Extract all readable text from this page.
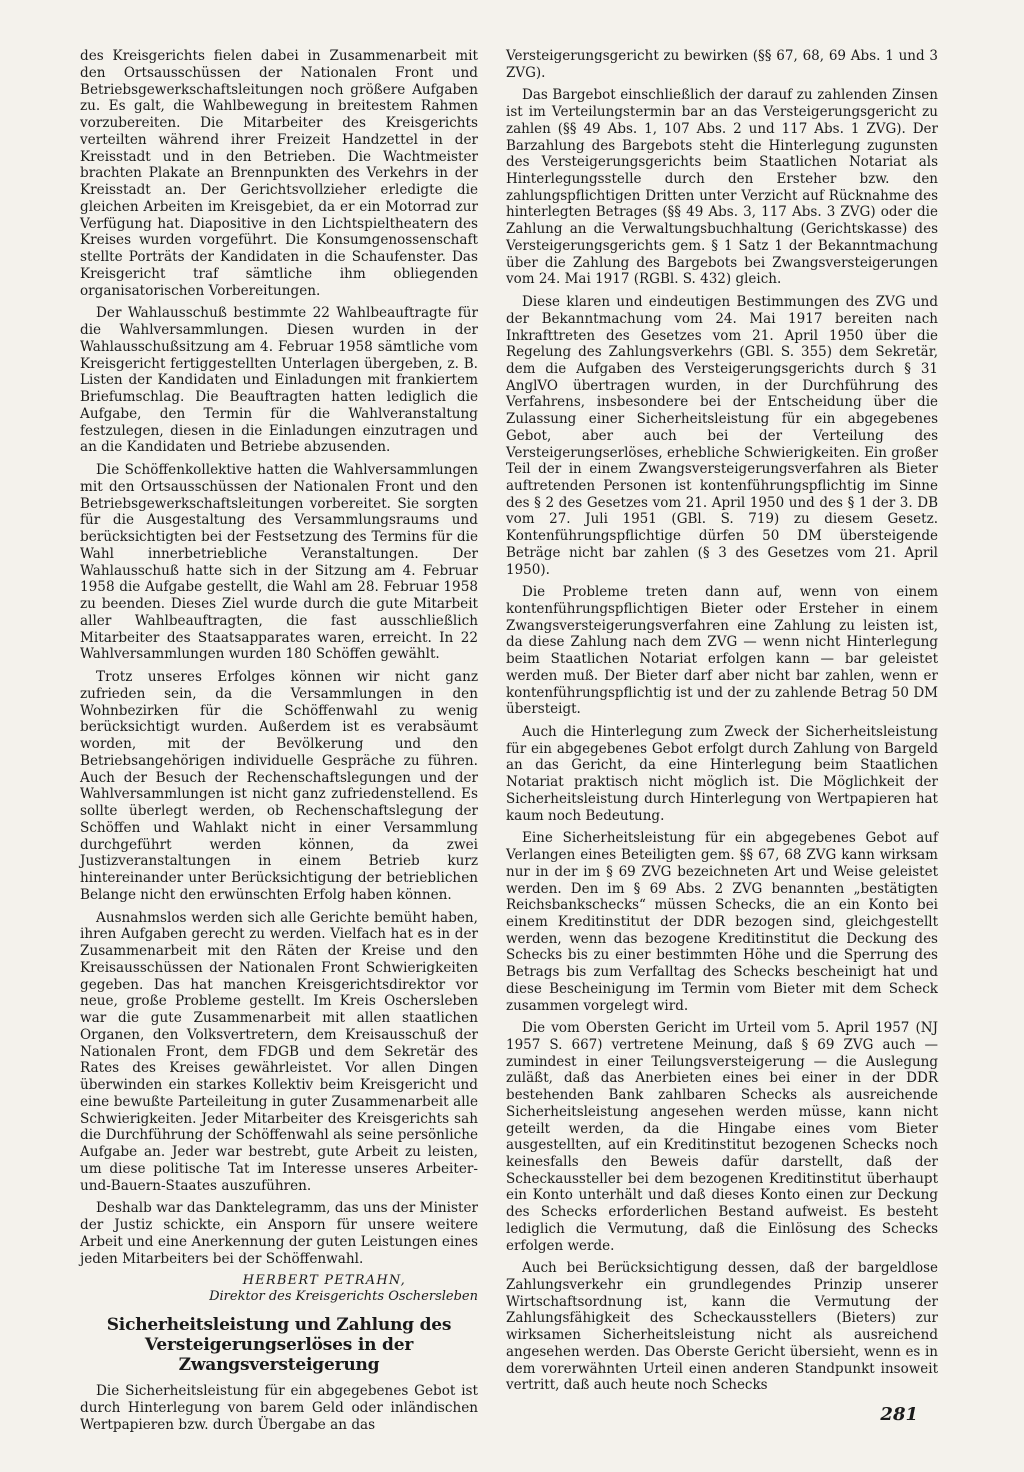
des Kreisgerichts fielen dabei in Zusammenarbeit mit den Ortsausschüssen der Nationalen Front und Betriebsgewerkschaftsleitungen noch größere Aufgaben zu. Es galt, die Wahlbewegung in breitestem Rahmen vorzubereiten. Die Mitarbeiter des Kreisgerichts verteilten während ihrer Freizeit Handzettel in der Kreisstadt und in den Betrieben. Die Wachtmeister brachten Plakate an Brennpunkten des Verkehrs in der Kreisstadt an. Der Gerichtsvollzieher erledigte die gleichen Arbeiten im Kreisgebiet, da er ein Motorrad zur Verfügung hat. Diapositive in den Lichtspieltheatern des Kreises wurden vorgeführt. Die Konsumgenossenschaft stellte Porträts der Kandidaten in die Schaufenster. Das Kreisgericht traf sämtliche ihm obliegenden organisatorischen Vorbereitungen.

Der Wahlausschuß bestimmte 22 Wahlbeauftragte für die Wahlversammlungen. Diesen wurden in der Wahlausschußsitzung am 4. Februar 1958 sämtliche vom Kreisgericht fertiggestellten Unterlagen übergeben, z. B. Listen der Kandidaten und Einladungen mit frankiertem Briefumschlag. Die Beauftragten hatten lediglich die Aufgabe, den Termin für die Wahlveranstaltung festzulegen, diesen in die Einladungen einzutragen und an die Kandidaten und Betriebe abzusenden.

Die Schöffenkollektive hatten die Wahlversammlungen mit den Ortsausschüssen der Nationalen Front und den Betriebsgewerkschaftsleitungen vorbereitet. Sie sorgten für die Ausgestaltung des Versammlungsraums und berücksichtigten bei der Festsetzung des Termins für die Wahl innerbetriebliche Veranstaltungen. Der Wahlausschuß hatte sich in der Sitzung am 4. Februar 1958 die Aufgabe gestellt, die Wahl am 28. Februar 1958 zu beenden. Dieses Ziel wurde durch die gute Mitarbeit aller Wahlbeauftragten, die fast ausschließlich Mitarbeiter des Staatsapparates waren, erreicht. In 22 Wahlversammlungen wurden 180 Schöffen gewählt.

Trotz unseres Erfolges können wir nicht ganz zufrieden sein, da die Versammlungen in den Wohnbezirken für die Schöffenwahl zu wenig berücksichtigt wurden. Außerdem ist es verabsäumt worden, mit der Bevölkerung und den Betriebsangehörigen individuelle Gespräche zu führen. Auch der Besuch der Rechenschaftslegungen und der Wahlversammlungen ist nicht ganz zufriedenstellend. Es sollte überlegt werden, ob Rechenschaftslegung der Schöffen und Wahlakt nicht in einer Versammlung durchgeführt werden können, da zwei Justizveranstaltungen in einem Betrieb kurz hintereinander unter Berücksichtigung der betrieblichen Belange nicht den erwünschten Erfolg haben können.

Ausnahmslos werden sich alle Gerichte bemüht haben, ihren Aufgaben gerecht zu werden. Vielfach hat es in der Zusammenarbeit mit den Räten der Kreise und den Kreisausschüssen der Nationalen Front Schwierigkeiten gegeben. Das hat manchen Kreisgerichtsdirektor vor neue, große Probleme gestellt. Im Kreis Oschersleben war die gute Zusammenarbeit mit allen staatlichen Organen, den Volksvertretern, dem Kreisausschuß der Nationalen Front, dem FDGB und dem Sekretär des Rates des Kreises gewährleistet. Vor allen Dingen überwinden ein starkes Kollektiv beim Kreisgericht und eine bewußte Parteileitung in guter Zusammenarbeit alle Schwierigkeiten. Jeder Mitarbeiter des Kreisgerichts sah die Durchführung der Schöffenwahl als seine persönliche Aufgabe an. Jeder war bestrebt, gute Arbeit zu leisten, um diese politische Tat im Interesse unseres Arbeiter-und-Bauern-Staates auszuführen.

Deshalb war das Danktelegramm, das uns der Minister der Justiz schickte, ein Ansporn für unsere weitere Arbeit und eine Anerkennung der guten Leistungen eines jeden Mitarbeiters bei der Schöffenwahl.

HERBERT PETRAHN,

Direktor des Kreisgerichts Oschersleben

Sicherheitsleistung und Zahlung des Versteigerungserlöses in der Zwangsversteigerung

Die Sicherheitsleistung für ein abgegebenes Gebot ist durch Hinterlegung von barem Geld oder inländischen Wertpapieren bzw. durch Übergabe an das

Versteigerungsgericht zu bewirken (§§ 67, 68, 69 Abs. 1 und 3 ZVG).

Das Bargebot einschließlich der darauf zu zahlenden Zinsen ist im Verteilungstermin bar an das Versteigerungsgericht zu zahlen (§§ 49 Abs. 1, 107 Abs. 2 und 117 Abs. 1 ZVG). Der Barzahlung des Bargebots steht die Hinterlegung zugunsten des Versteigerungsgerichts beim Staatlichen Notariat als Hinterlegungsstelle durch den Ersteher bzw. den zahlungspflichtigen Dritten unter Verzicht auf Rücknahme des hinterlegten Betrages (§§ 49 Abs. 3, 117 Abs. 3 ZVG) oder die Zahlung an die Verwaltungsbuchhaltung (Gerichtskasse) des Versteigerungsgerichts gem. § 1 Satz 1 der Bekanntmachung über die Zahlung des Bargebots bei Zwangsversteigerungen vom 24. Mai 1917 (RGBl. S. 432) gleich.

Diese klaren und eindeutigen Bestimmungen des ZVG und der Bekanntmachung vom 24. Mai 1917 bereiten nach Inkrafttreten des Gesetzes vom 21. April 1950 über die Regelung des Zahlungsverkehrs (GBl. S. 355) dem Sekretär, dem die Aufgaben des Versteigerungsgerichts durch § 31 AnglVO übertragen wurden, in der Durchführung des Verfahrens, insbesondere bei der Entscheidung über die Zulassung einer Sicherheitsleistung für ein abgegebenes Gebot, aber auch bei der Verteilung des Versteigerungserlöses, erhebliche Schwierigkeiten. Ein großer Teil der in einem Zwangsversteigerungsverfahren als Bieter auftretenden Personen ist kontenführungspflichtig im Sinne des § 2 des Gesetzes vom 21. April 1950 und des § 1 der 3. DB vom 27. Juli 1951 (GBl. S. 719) zu diesem Gesetz. Kontenführungspflichtige dürfen 50 DM übersteigende Beträge nicht bar zahlen (§ 3 des Gesetzes vom 21. April 1950).

Die Probleme treten dann auf, wenn von einem kontenführungspflichtigen Bieter oder Ersteher in einem Zwangsversteigerungsverfahren eine Zahlung zu leisten ist, da diese Zahlung nach dem ZVG — wenn nicht Hinterlegung beim Staatlichen Notariat erfolgen kann — bar geleistet werden muß. Der Bieter darf aber nicht bar zahlen, wenn er kontenführungspflichtig ist und der zu zahlende Betrag 50 DM übersteigt.

Auch die Hinterlegung zum Zweck der Sicherheitsleistung für ein abgegebenes Gebot erfolgt durch Zahlung von Bargeld an das Gericht, da eine Hinterlegung beim Staatlichen Notariat praktisch nicht möglich ist. Die Möglichkeit der Sicherheitsleistung durch Hinterlegung von Wertpapieren hat kaum noch Bedeutung.

Eine Sicherheitsleistung für ein abgegebenes Gebot auf Verlangen eines Beteiligten gem. §§ 67, 68 ZVG kann wirksam nur in der im § 69 ZVG bezeichneten Art und Weise geleistet werden. Den im § 69 Abs. 2 ZVG benannten „bestätigten Reichsbankschecks“ müssen Schecks, die an ein Konto bei einem Kreditinstitut der DDR bezogen sind, gleichgestellt werden, wenn das bezogene Kreditinstitut die Deckung des Schecks bis zu einer bestimmten Höhe und die Sperrung des Betrags bis zum Verfalltag des Schecks bescheinigt hat und diese Bescheinigung im Termin vom Bieter mit dem Scheck zusammen vorgelegt wird.

Die vom Obersten Gericht im Urteil vom 5. April 1957 (NJ 1957 S. 667) vertretene Meinung, daß § 69 ZVG auch — zumindest in einer Teilungsversteigerung — die Auslegung zuläßt, daß das Anerbieten eines bei einer in der DDR bestehenden Bank zahlbaren Schecks als ausreichende Sicherheitsleistung angesehen werden müsse, kann nicht geteilt werden, da die Hingabe eines vom Bieter ausgestellten, auf ein Kreditinstitut bezogenen Schecks noch keinesfalls den Beweis dafür darstellt, daß der Scheckaussteller bei dem bezogenen Kreditinstitut überhaupt ein Konto unterhält und daß dieses Konto einen zur Deckung des Schecks erforderlichen Bestand aufweist. Es besteht lediglich die Vermutung, daß die Einlösung des Schecks erfolgen werde.

Auch bei Berücksichtigung dessen, daß der bargeldlose Zahlungsverkehr ein grundlegendes Prinzip unserer Wirtschaftsordnung ist, kann die Vermutung der Zahlungsfähigkeit des Scheckausstellers (Bieters) zur wirksamen Sicherheitsleistung nicht als ausreichend angesehen werden. Das Oberste Gericht übersieht, wenn es in dem vorerwähnten Urteil einen anderen Standpunkt insoweit vertritt, daß auch heute noch Schecks

281
